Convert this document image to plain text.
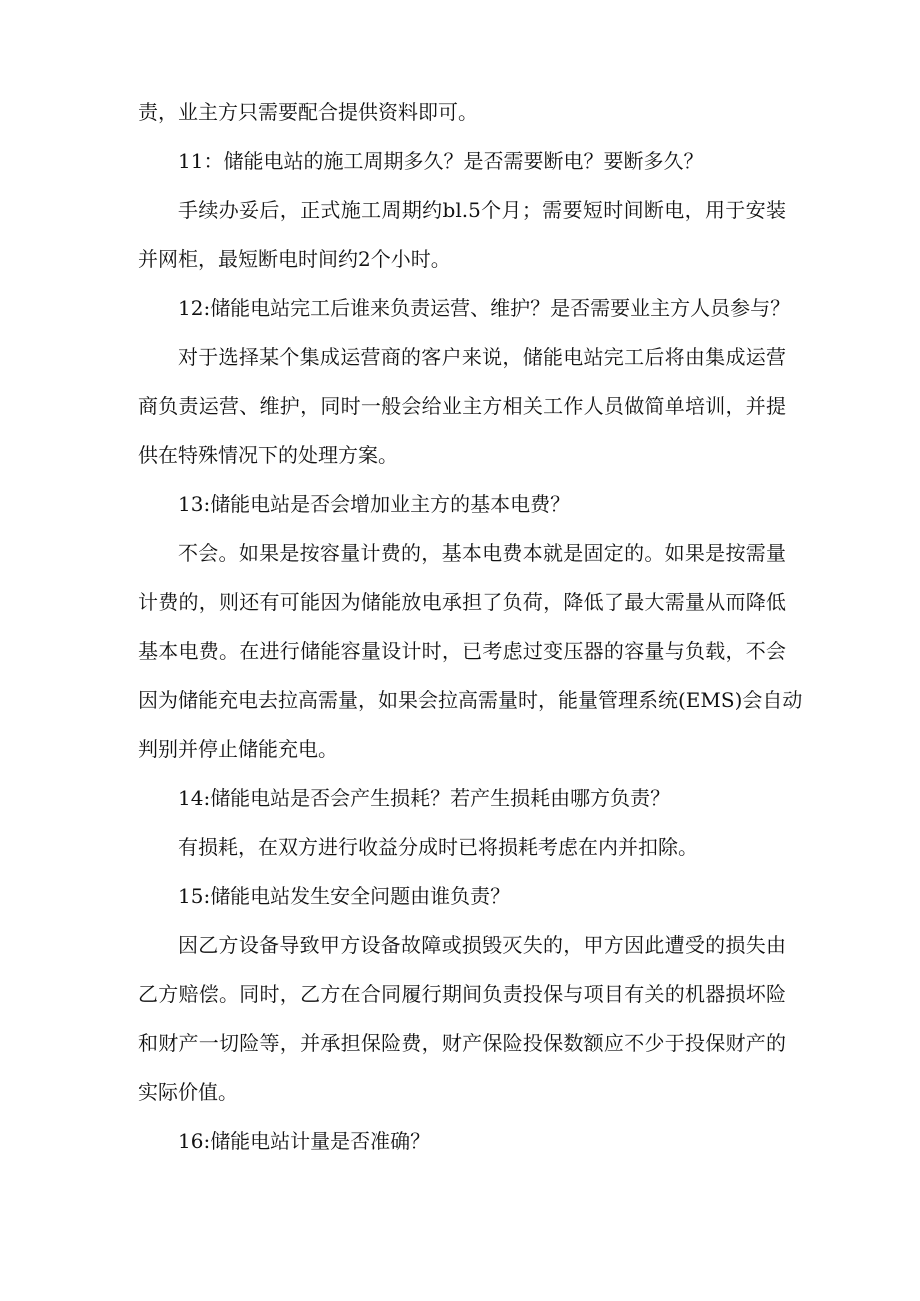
责，业主方只需要配合提供资料即可。
11：储能电站的施工周期多久？是否需要断电？要断多久？
手续办妥后，正式施工周期约bl.5个月；需要短时间断电，用于安装
并网柜，最短断电时间约2个小时。
12:储能电站完工后谁来负责运营、维护？是否需要业主方人员参与？
对于选择某个集成运营商的客户来说，储能电站完工后将由集成运营
商负责运营、维护，同时一般会给业主方相关工作人员做简单培训，并提
供在特殊情况下的处理方案。
13:储能电站是否会增加业主方的基本电费？
不会。如果是按容量计费的，基本电费本就是固定的。如果是按需量
计费的，则还有可能因为储能放电承担了负荷，降低了最大需量从而降低
基本电费。在进行储能容量设计时，已考虑过变压器的容量与负载，不会
因为储能充电去拉高需量，如果会拉高需量时，能量管理系统(EMS)会自动
判别并停止储能充电。
14:储能电站是否会产生损耗？若产生损耗由哪方负责？
有损耗，在双方进行收益分成时已将损耗考虑在内并扣除。
15:储能电站发生安全问题由谁负责？
因乙方设备导致甲方设备故障或损毁灭失的，甲方因此遭受的损失由
乙方赔偿。同时，乙方在合同履行期间负责投保与项目有关的机器损坏险
和财产一切险等，并承担保险费，财产保险投保数额应不少于投保财产的
实际价值。
16:储能电站计量是否准确？
